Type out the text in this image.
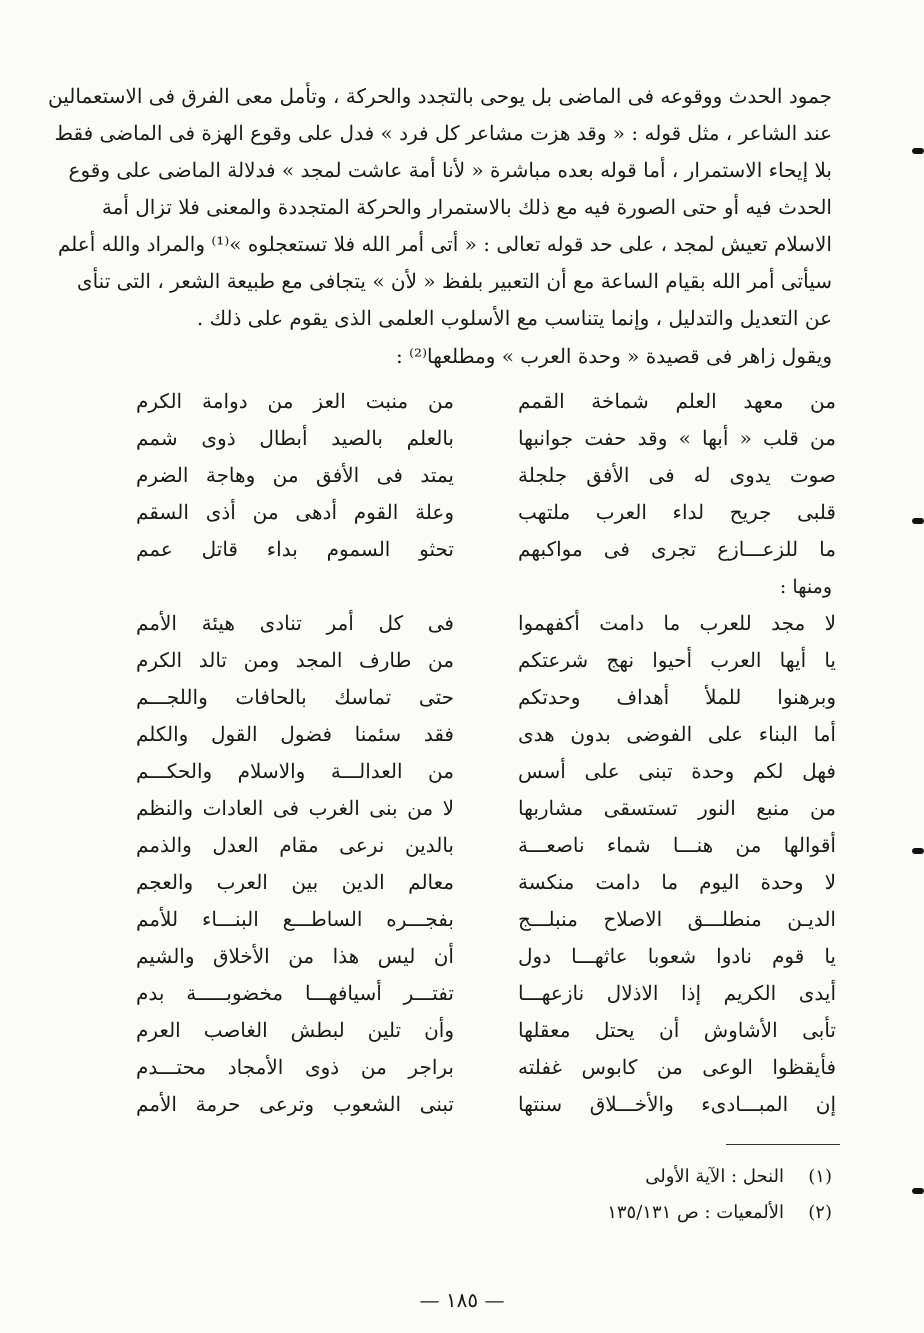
جمود الحدث ووقوعه فى الماضى بل يوحى بالتجدد والحركة ، وتأمل معى الفرق فى الاستعمالين

عند الشاعر ، مثل قوله : « وقد هزت مشاعر كل فرد » فدل على وقوع الهزة فى الماضى فقط

بلا إيحاء الاستمرار ، أما قوله بعده مباشرة « لأنا أمة عاشت لمجد » فدلالة الماضى على وقوع

الحدث فيه أو حتى الصورة فيه مع ذلك بالاستمرار والحركة المتجددة والمعنى فلا تزال أمة

الاسلام تعيش لمجد ، على حد قوله تعالى : « أتى أمر الله فلا تستعجلوه »⁽¹⁾ والمراد والله أعلم

سيأتى أمر الله بقيام الساعة مع أن التعبير بلفظ « لأن » يتجافى مع طبيعة الشعر ، التى تنأى

عن التعديل والتدليل ، وإنما يتناسب مع الأسلوب العلمى الذى يقوم على ذلك .

ويقول زاهر فى قصيدة « وحدة العرب » ومطلعها⁽²⁾ :
من معهد العلم شماخة القمم
من منبت العز من دوامة الكرم
من قلب « أبها » وقد حفت جوانبها
بالعلم بالصيد أبطال ذوى شمم
صوت يدوى له فى الأفق جلجلة
يمتد فى الأفق من وهاجة الضرم
قلبى جريح لداء العرب ملتهب
وعلة القوم أدهى من أذى السقم
ما للزعـــازع تجرى فى مواكبهم
تحثو السموم بداء قاتل عمم
ومنها :
لا مجد للعرب ما دامت أكفهموا
فى كل أمر تنادى هيئة الأمم
يا أيها العرب أحيوا نهج شرعتكم
من طارف المجد ومن تالد الكرم
وبرهنوا للملأ أهداف وحدتكم
حتى تماسك بالحافات واللجـــم
أما البناء على الفوضى بدون هدى
فقد سئمنا فضول القول والكلم
فهل لكم وحدة تبنى على أسس
من العدالـــة والاسلام والحكـــم
من منبع النور تستسقى مشاربها
لا من بنى الغرب فى العادات والنظم
أقوالها من هنـــا شماء ناصعـــة
بالدين نرعى مقام العدل والذمم
لا وحدة اليوم ما دامت منكسة
معالم الدين بين العرب والعجم
الديـن منطلـــق الاصلاح منبلـــج
بفجـــره الساطـــع البنـــاء للأمم
يا قوم نادوا شعوبا عاثهـــا دول
أن ليس هذا من الأخلاق والشيم
أيدى الكريم إذا الاذلال نازعهـــا
تفتـــر أسيافهـــا مخضوبـــــة بدم
تأبى الأشاوش أن يحتل معقلها
وأن تلين لبطش الغاصب العرم
فأيقظوا الوعى من كابوس غفلته
براجر من ذوى الأمجاد محتـــدم
إن المبـــادىء والأخـــلاق سنتها
تبنى الشعوب وترعى حرمة الأمم
(١)
النحل : الآية الأولى
(٢)
الألمعيات : ص ١٣٥/١٣١
— ١٨٥ —
